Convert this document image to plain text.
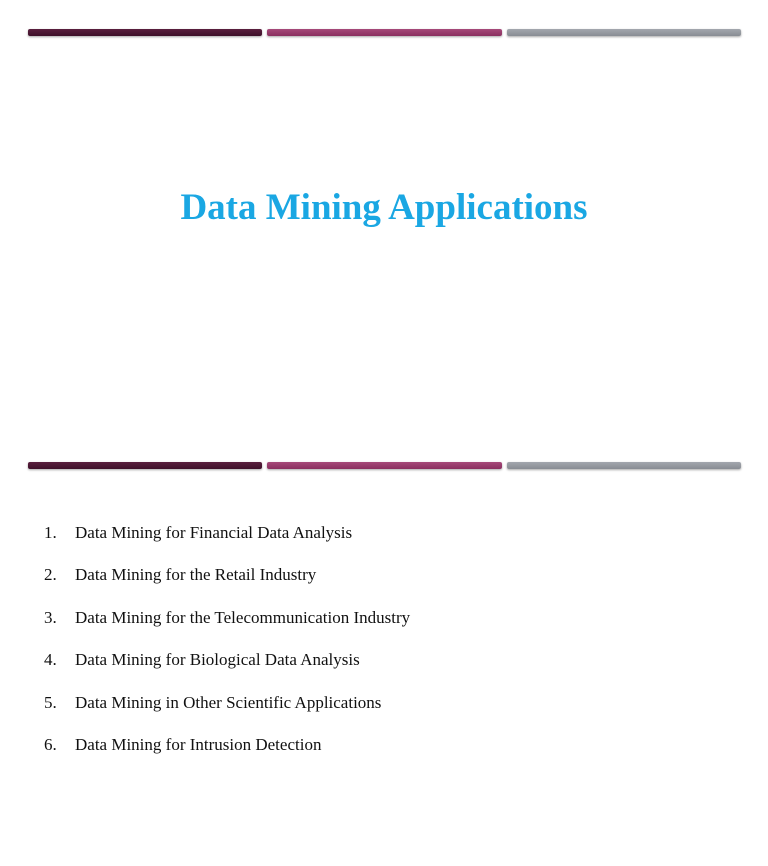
Data Mining Applications
1.	Data Mining for Financial Data Analysis
2.	Data Mining for the Retail Industry
3.	Data Mining for the Telecommunication Industry
4.	Data Mining for Biological Data Analysis
5.	Data Mining in Other Scientific Applications
6.	Data Mining for Intrusion Detection
